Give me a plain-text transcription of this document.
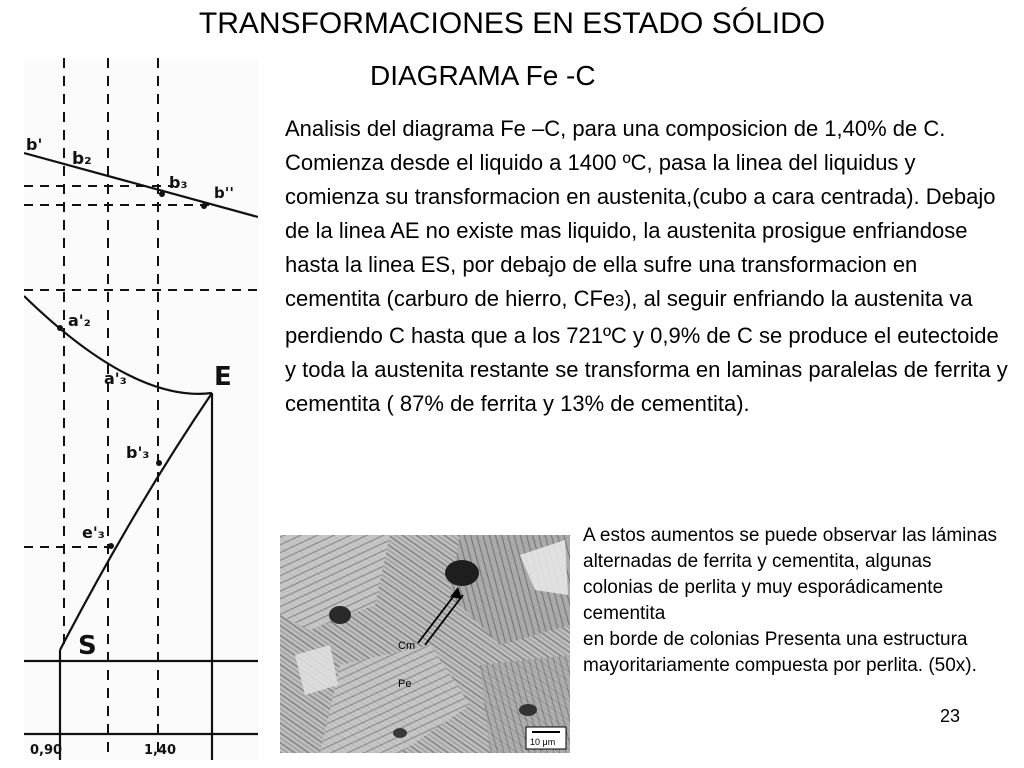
TRANSFORMACIONES EN ESTADO SÓLIDO
DIAGRAMA Fe -C
b'
b₂
b₃
b''
a'₂
a'₃	E
b'₃
e'₃
S
0,90	1,40

Analisis del diagrama Fe –C, para una composicion de 1,40% de C. Comienza desde el liquido a 1400 ºC, pasa la linea del liquidus y comienza su transformacion en austenita,(cubo a cara centrada). Debajo de la linea AE no existe mas liquido, la austenita prosigue enfriandose hasta la linea ES, por debajo de ella sufre una transformacion en cementita (carburo de hierro, CFe3), al seguir enfriando la austenita va perdiendo C hasta que a los 721ºC y 0,9% de C se produce el eutectoide y toda la austenita restante se transforma en laminas paralelas de ferrita y cementita ( 87% de ferrita y 13% de cementita).

Cm
Pe
10 μm

A estos aumentos se puede observar las láminas alternadas de ferrita y cementita, algunas colonias de perlita y muy esporádicamente cementita
en borde de colonias Presenta una estructura mayoritariamente compuesta por perlita. (50x).

23
